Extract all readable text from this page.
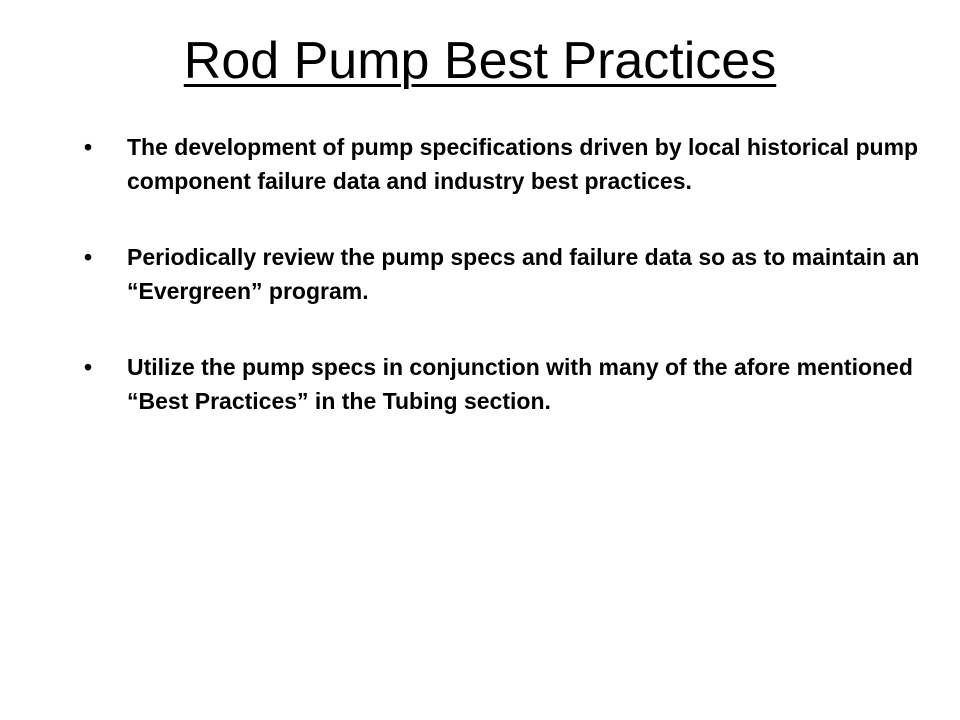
Rod Pump Best Practices
• The development of pump specifications driven by local historical pump component failure data and industry best practices.
• Periodically review the pump specs and failure data so as to maintain an “Evergreen” program.
• Utilize the pump specs in conjunction with many of the afore mentioned “Best Practices” in the Tubing section.
